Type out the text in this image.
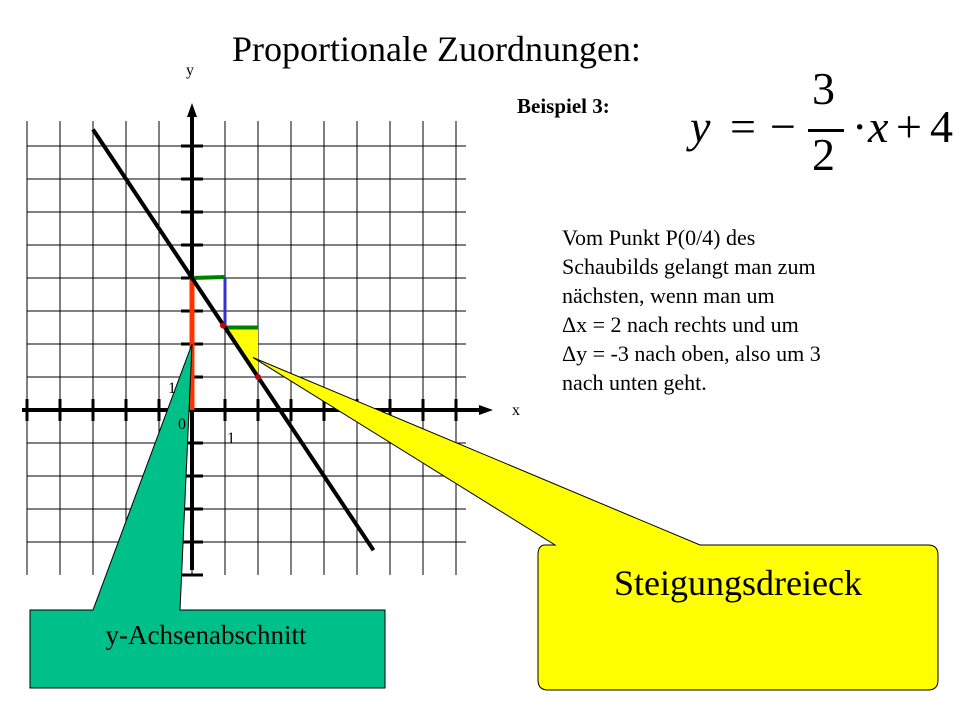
Proportionale Zuordnungen:
Beispiel 3: y = −
3
2
· x + 4
Vom Punkt P(0/4) des
Schaubilds gelangt man zum
nächsten, wenn man um
Δx = 2 nach rechts und um
Δy = -3 nach oben, also um 3
nach unten geht.
y
x
0
1
1
Steigungsdreieck
y-Achsenabschnitt
